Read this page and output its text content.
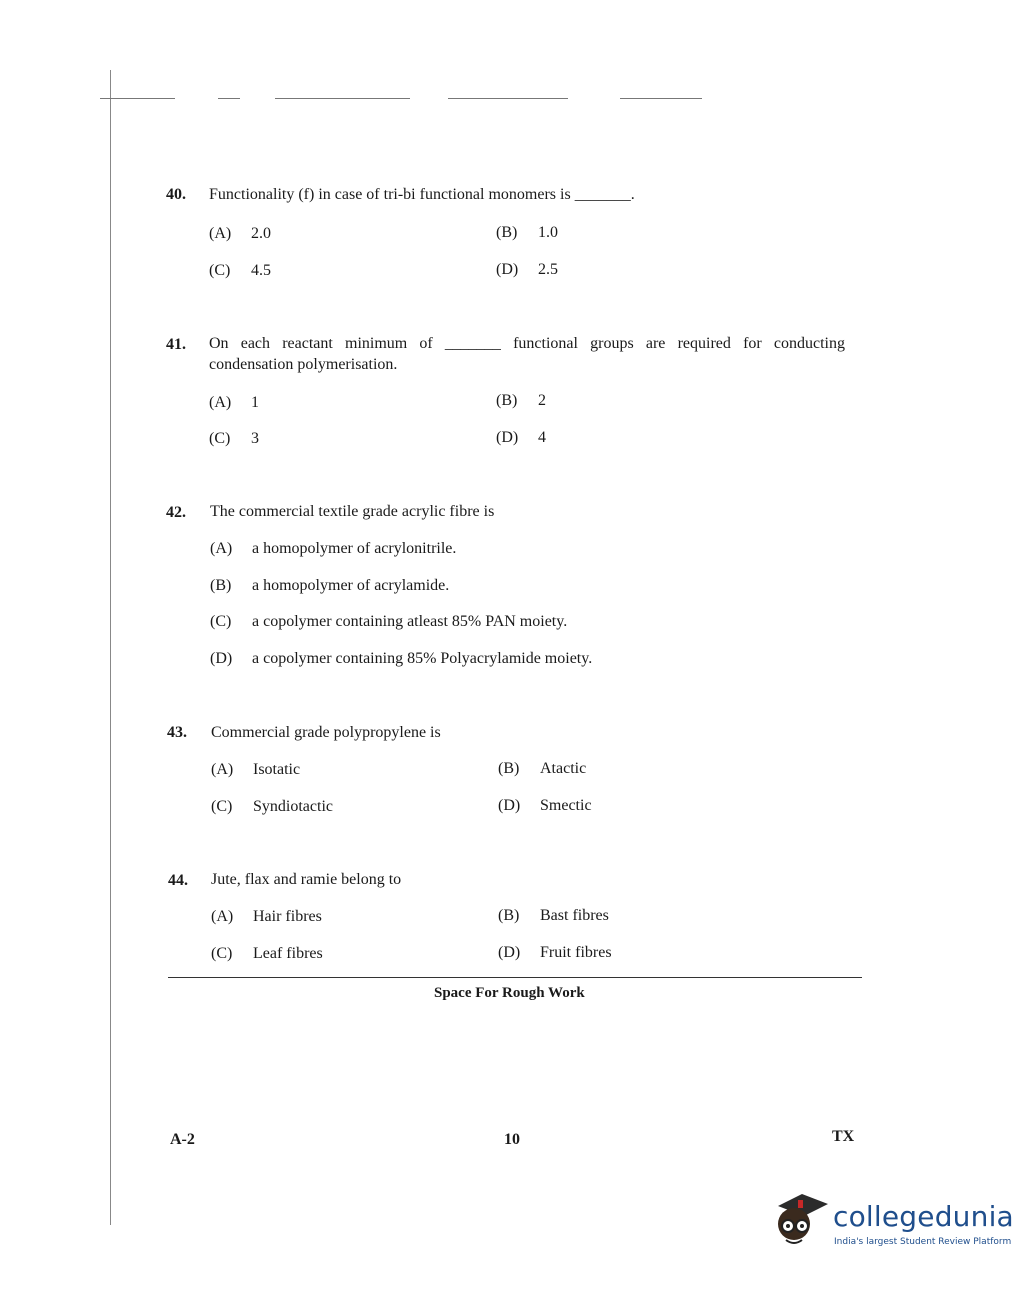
40. Functionality (f) in case of tri-bi functional monomers is _______.
(A) 2.0	(B) 1.0
(C) 4.5	(D) 2.5
41. On each reactant minimum of _______ functional groups are required for conducting
condensation polymerisation.
(A) 1	(B) 2
(C) 3	(D) 4
42. The commercial textile grade acrylic fibre is
(A) a homopolymer of acrylonitrile.
(B) a homopolymer of acrylamide.
(C) a copolymer containing atleast 85% PAN moiety.
(D) a copolymer containing 85% Polyacrylamide moiety.
43. Commercial grade polypropylene is
(A) Isotatic	(B) Atactic
(C) Syndiotactic	(D) Smectic
44. Jute, flax and ramie belong to
(A) Hair fibres	(B) Bast fibres
(C) Leaf fibres	(D) Fruit fibres
Space For Rough Work
A-2	10	TX
collegedunia
India's largest Student Review Platform
